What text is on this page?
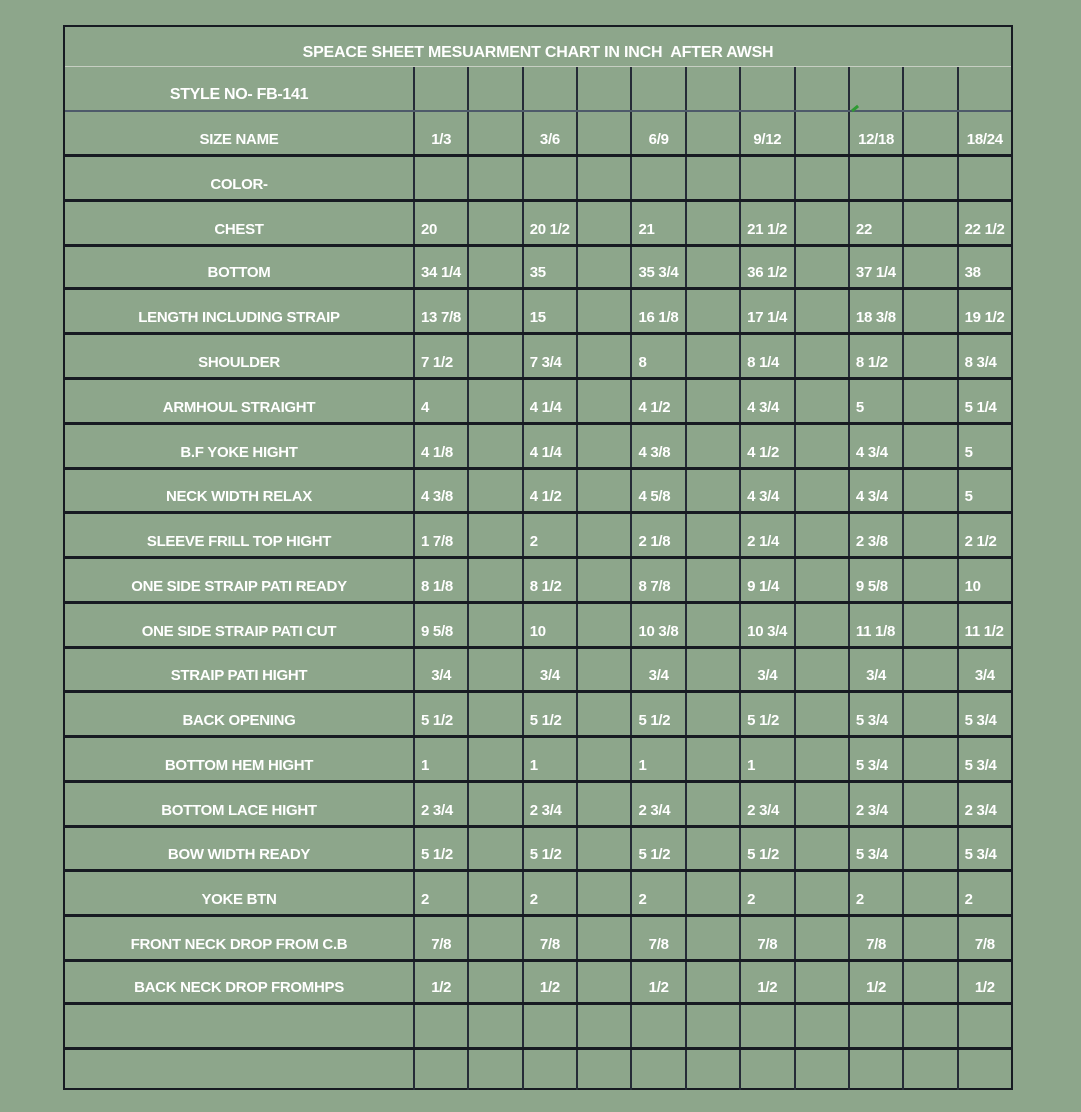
SPEACE SHEET MESUARMENT CHART IN INCH  AFTER AWSH
STYLE NO- FB-141
SIZE NAME	1/3	3/6	6/9	9/12	12/18	18/24
COLOR-
CHEST	20	20 1/2	21	21 1/2	22	22 1/2
BOTTOM	34 1/4	35	35 3/4	36 1/2	37 1/4	38
LENGTH INCLUDING STRAIP	13 7/8	15	16 1/8	17 1/4	18 3/8	19 1/2
SHOULDER	7 1/2	7 3/4	8	8 1/4	8 1/2	8 3/4
ARMHOUL STRAIGHT	4	4 1/4	4 1/2	4 3/4	5	5 1/4
B.F YOKE HIGHT	4 1/8	4 1/4	4 3/8	4 1/2	4 3/4	5
NECK WIDTH RELAX	4 3/8	4 1/2	4 5/8	4 3/4	4 3/4	5
SLEEVE FRILL TOP HIGHT	1 7/8	2	2 1/8	2 1/4	2 3/8	2 1/2
ONE SIDE STRAIP PATI READY	8 1/8	8 1/2	8 7/8	9 1/4	9 5/8	10
ONE SIDE STRAIP PATI CUT	9 5/8	10	10 3/8	10 3/4	11 1/8	11 1/2
STRAIP PATI HIGHT	3/4	3/4	3/4	3/4	3/4	3/4
BACK OPENING	5 1/2	5 1/2	5 1/2	5 1/2	5 3/4	5 3/4
BOTTOM HEM HIGHT	1	1	1	1	5 3/4	5 3/4
BOTTOM LACE HIGHT	2 3/4	2 3/4	2 3/4	2 3/4	2 3/4	2 3/4
BOW WIDTH READY	5 1/2	5 1/2	5 1/2	5 1/2	5 3/4	5 3/4
YOKE BTN	2	2	2	2	2	2
FRONT NECK DROP FROM C.B	7/8	7/8	7/8	7/8	7/8	7/8
BACK NECK DROP FROMHPS	1/2	1/2	1/2	1/2	1/2	1/2
